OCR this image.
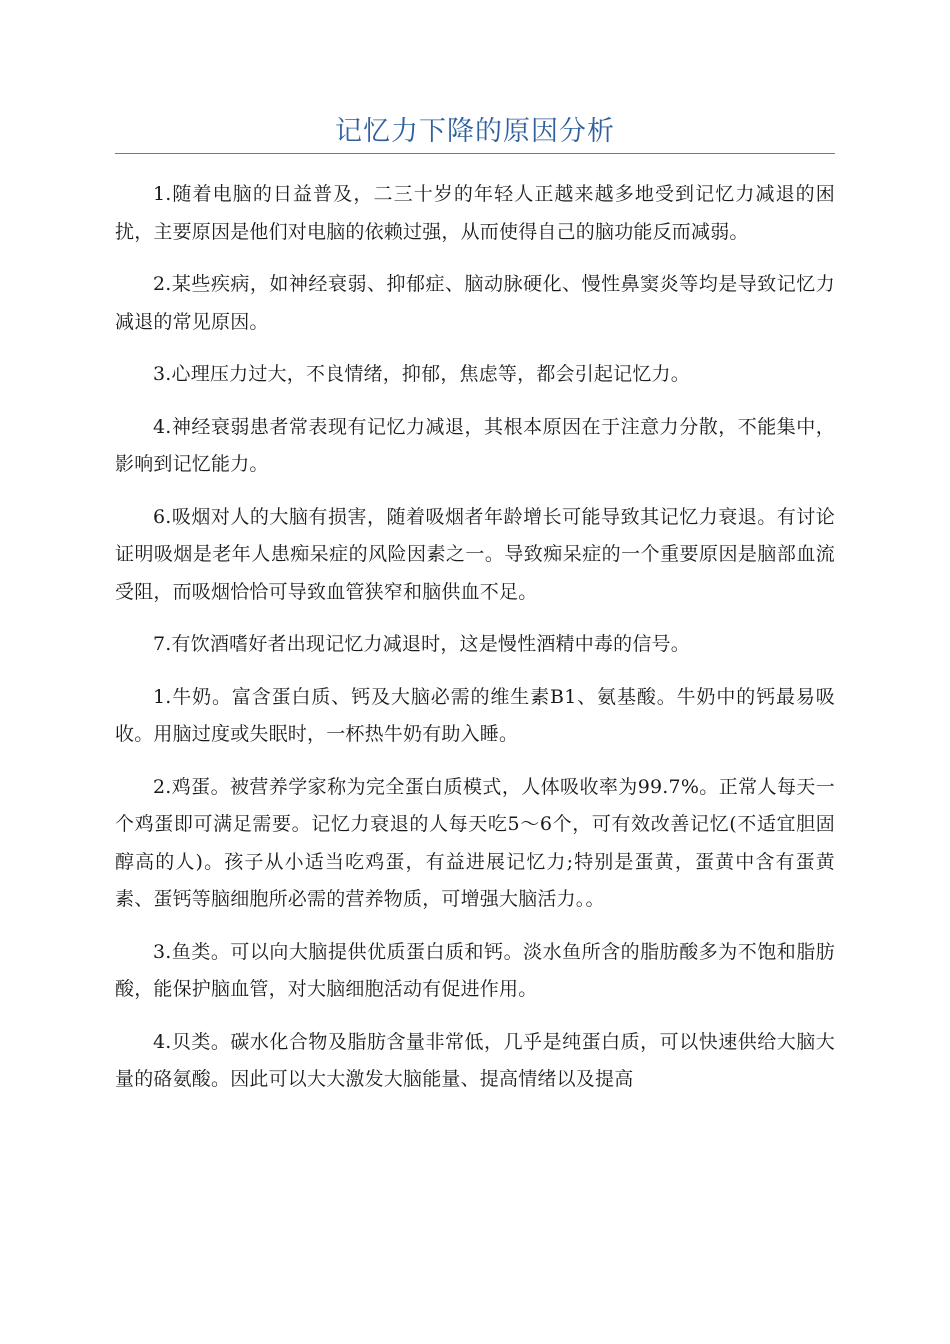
记忆力下降的原因分析

1.随着电脑的日益普及，二三十岁的年轻人正越来越多地受到记忆力减退的困扰，主要原因是他们对电脑的依赖过强，从而使得自己的脑功能反而减弱。

2.某些疾病，如神经衰弱、抑郁症、脑动脉硬化、慢性鼻窦炎等均是导致记忆力减退的常见原因。

3.心理压力过大，不良情绪，抑郁，焦虑等，都会引起记忆力。

4.神经衰弱患者常表现有记忆力减退，其根本原因在于注意力分散，不能集中，影响到记忆能力。

6.吸烟对人的大脑有损害，随着吸烟者年龄增长可能导致其记忆力衰退。有讨论证明吸烟是老年人患痴呆症的风险因素之一。导致痴呆症的一个重要原因是脑部血流受阻，而吸烟恰恰可导致血管狭窄和脑供血不足。

7.有饮酒嗜好者出现记忆力减退时，这是慢性酒精中毒的信号。

1.牛奶。富含蛋白质、钙及大脑必需的维生素B1、氨基酸。牛奶中的钙最易吸收。用脑过度或失眠时，一杯热牛奶有助入睡。

2.鸡蛋。被营养学家称为完全蛋白质模式，人体吸收率为99.7%。正常人每天一个鸡蛋即可满足需要。记忆力衰退的人每天吃5～6个，可有效改善记忆(不适宜胆固醇高的人)。孩子从小适当吃鸡蛋，有益进展记忆力;特别是蛋黄，蛋黄中含有蛋黄素、蛋钙等脑细胞所必需的营养物质，可增强大脑活力。。

3.鱼类。可以向大脑提供优质蛋白质和钙。淡水鱼所含的脂肪酸多为不饱和脂肪酸，能保护脑血管，对大脑细胞活动有促进作用。

4.贝类。碳水化合物及脂肪含量非常低，几乎是纯蛋白质，可以快速供给大脑大量的硌氨酸。因此可以大大激发大脑能量、提高情绪以及提高
